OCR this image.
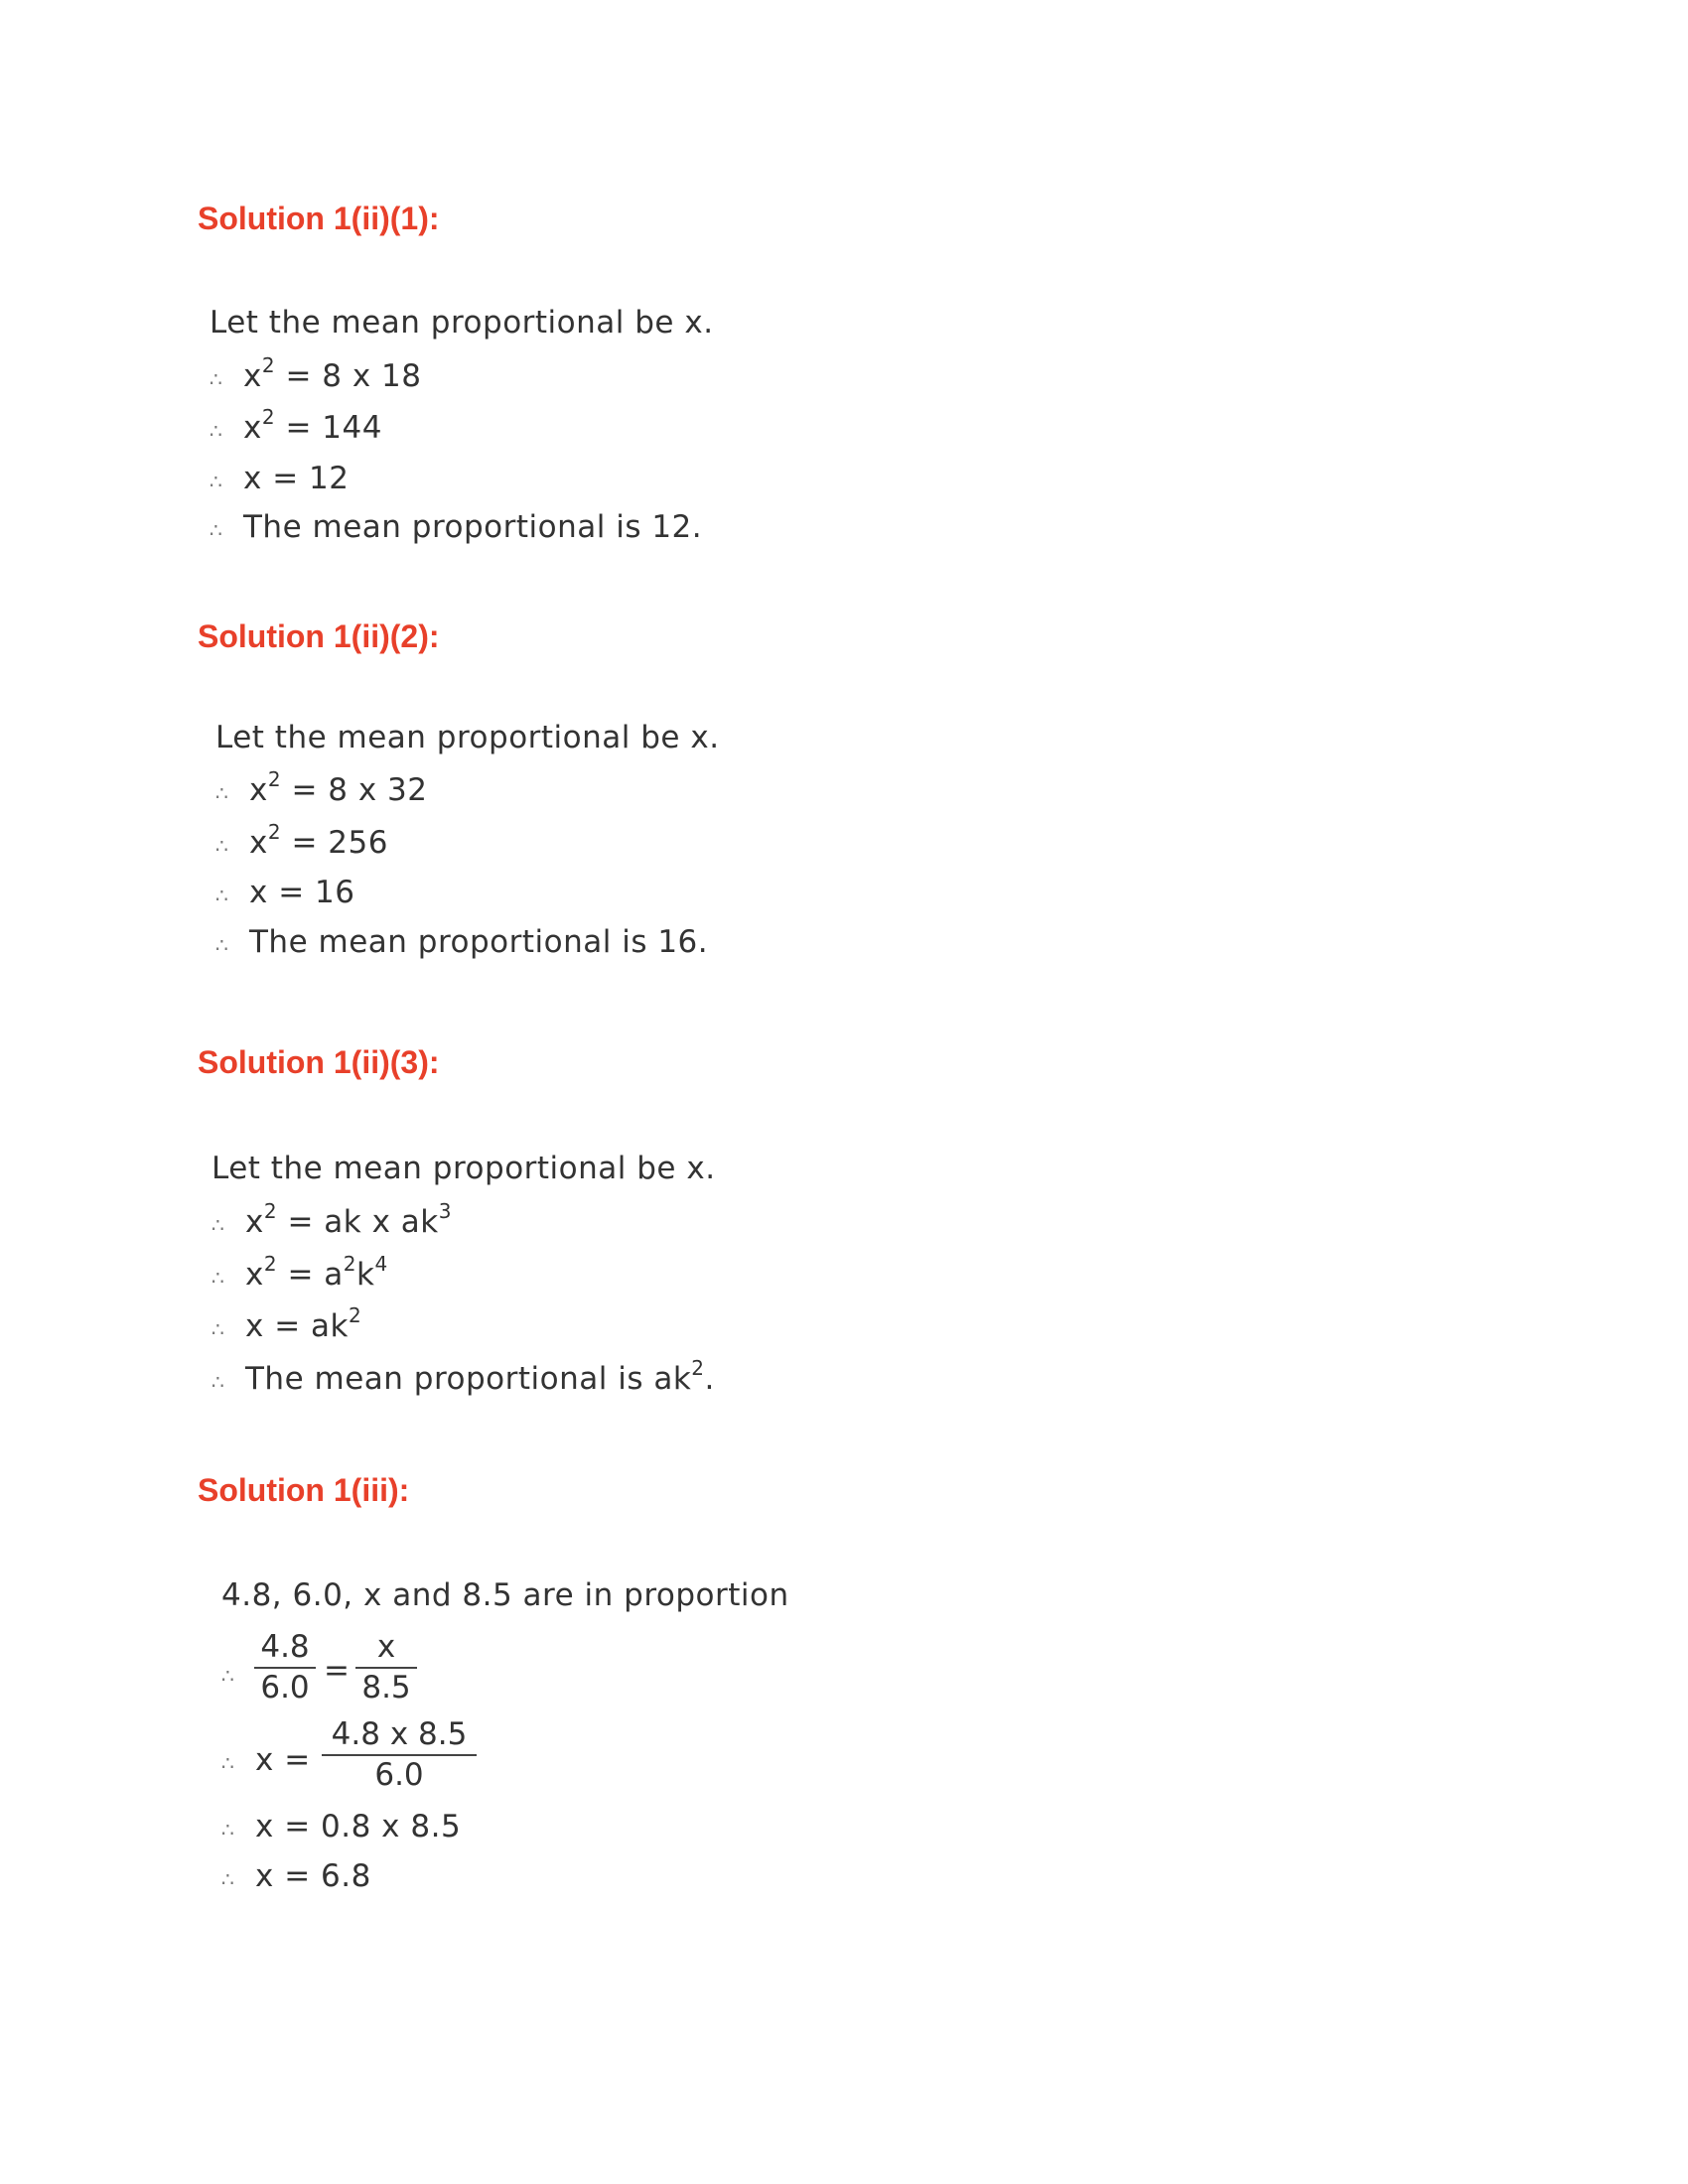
Solution 1(ii)(1):
Let the mean proportional be x.
∴ $x^2 = 8$ x 18
∴ $x^2 = 144$
∴ x = 12
∴ The mean proportional is 12.
Solution 1(ii)(2):
Let the mean proportional be x.
∴ $x^2 = 8$ x 32
∴ $x^2 = 256$
∴ x = 16
∴ The mean proportional is 16.
Solution 1(ii)(3):
Let the mean proportional be x.
∴ $x^2$ = ak x $ak^3$
∴ $x^2 = a^2k^4$
∴ $x = ak^2$
∴ The mean proportional is $ak^2$.
Solution 1(iii):
4.8, 6.0, x and 8.5 are in proportion
∴ $\frac{4.8}{6.0} = \frac{x}{8.5}$
∴ $x = \frac{4.8 x 8.5}{6.0}$
∴ x = 0.8 x 8.5
∴ x = 6.8
